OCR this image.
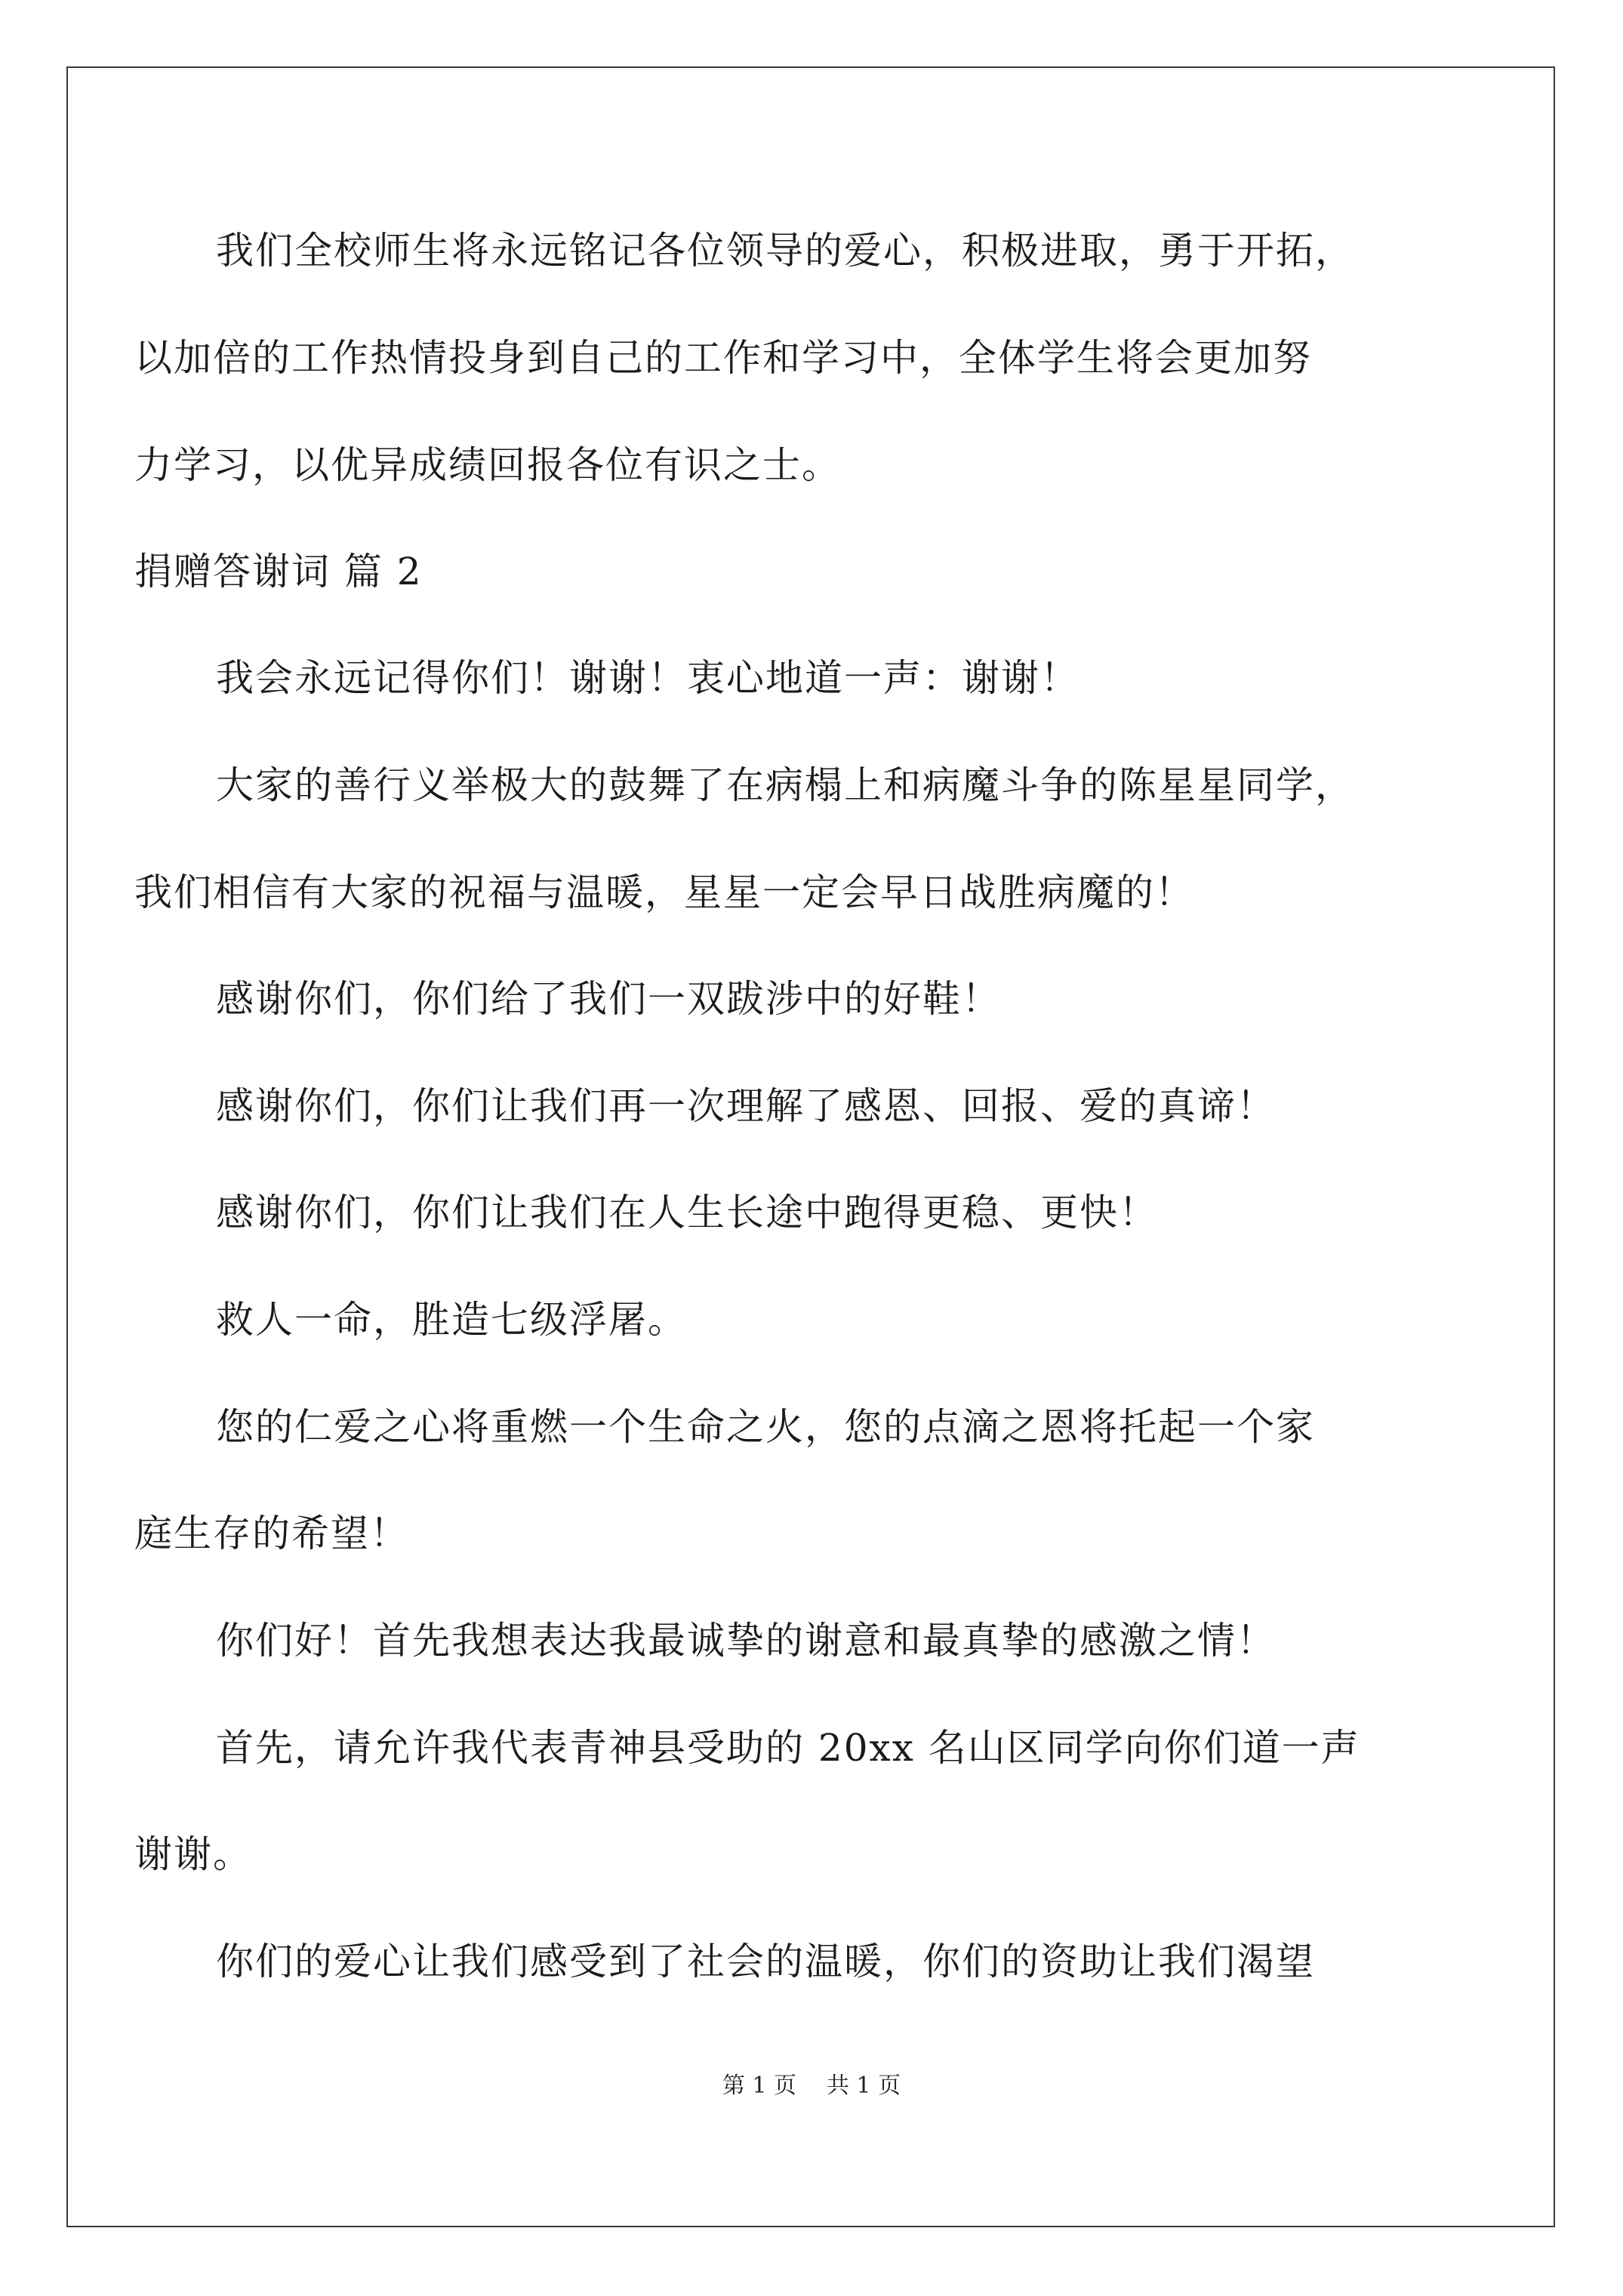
我们全校师生将永远铭记各位领导的爱心，积极进取，勇于开拓，
以加倍的工作热情投身到自己的工作和学习中，全体学生将会更加努
力学习，以优异成绩回报各位有识之士。
捐赠答谢词 篇 2
我会永远记得你们！谢谢！衷心地道一声：谢谢！
大家的善行义举极大的鼓舞了在病榻上和病魔斗争的陈星星同学，
我们相信有大家的祝福与温暖，星星一定会早日战胜病魔的！
感谢你们，你们给了我们一双跋涉中的好鞋！
感谢你们，你们让我们再一次理解了感恩、回报、爱的真谛！
感谢你们，你们让我们在人生长途中跑得更稳、更快！
救人一命，胜造七级浮屠。
您的仁爱之心将重燃一个生命之火，您的点滴之恩将托起一个家
庭生存的希望！
你们好！首先我想表达我最诚挚的谢意和最真挚的感激之情！
首先，请允许我代表青神县受助的 20xx 名山区同学向你们道一声
谢谢。
你们的爱心让我们感受到了社会的温暖，你们的资助让我们渴望
第 1 页 共 1 页
